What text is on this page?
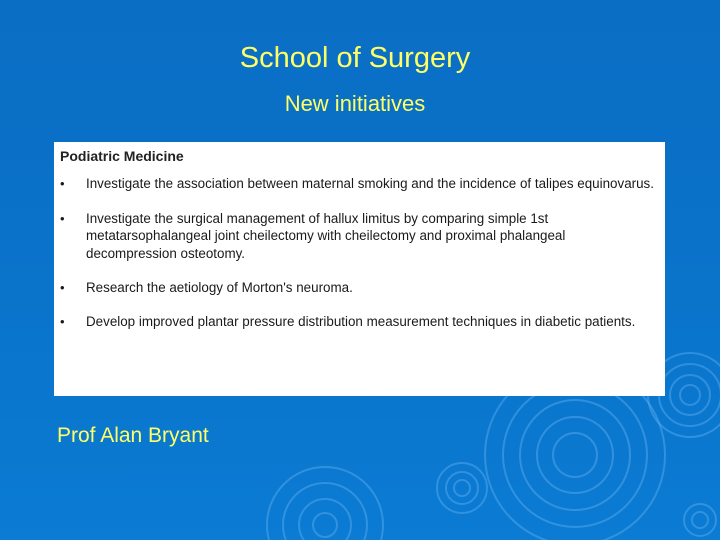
School of Surgery
New initiatives
Podiatric Medicine
•	Investigate the association between maternal smoking and the incidence of talipes equinovarus.
•	Investigate the surgical management of hallux limitus by comparing simple 1st metatarsophalangeal joint cheilectomy with cheilectomy and proximal phalangeal decompression osteotomy.
•	Research the aetiology of Morton's neuroma.
•	Develop improved plantar pressure distribution measurement techniques in diabetic patients.
Prof Alan Bryant
